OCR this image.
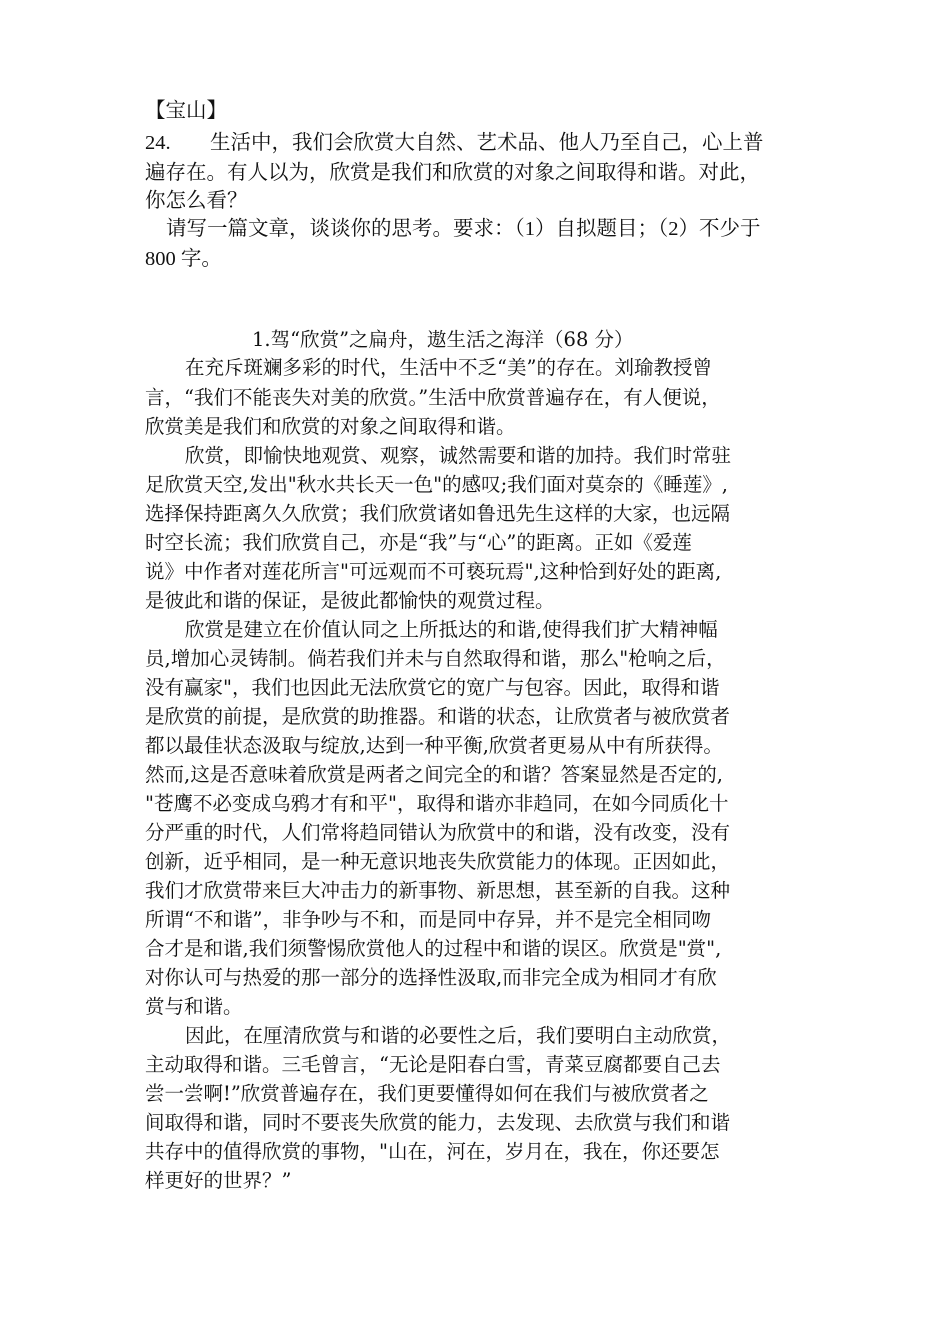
【宝山】
24. 生活中，我们会欣赏大自然、艺术品、他人乃至自己，心上普
遍存在。有人以为，欣赏是我们和欣赏的对象之间取得和谐。对此，
你怎么看？
请写一篇文章，谈谈你的思考。要求：（1）自拟题目；（2）不少于
800 字。
1.驾“欣赏”之扁舟，遨生活之海洋（68 分）
在充斥斑斓多彩的时代，生活中不乏“美”的存在。刘瑜教授曾
言，“我们不能丧失对美的欣赏。”生活中欣赏普遍存在，有人便说，
欣赏美是我们和欣赏的对象之间取得和谐。
欣赏，即愉快地观赏、观察，诚然需要和谐的加持。我们时常驻
足欣赏天空,发出"秋水共长天一色"的感叹;我们面对莫奈的《睡莲》,
选择保持距离久久欣赏；我们欣赏诸如鲁迅先生这样的大家，也远隔
时空长流；我们欣赏自己，亦是“我”与“心”的距离。正如《爱莲
说》中作者对莲花所言"可远观而不可亵玩焉",这种恰到好处的距离,
是彼此和谐的保证，是彼此都愉快的观赏过程。
欣赏是建立在价值认同之上所抵达的和谐,使得我们扩大精神幅
员,增加心灵铸制。倘若我们并未与自然取得和谐，那么"枪响之后，
没有赢家"，我们也因此无法欣赏它的宽广与包容。因此，取得和谐
是欣赏的前提，是欣赏的助推器。和谐的状态，让欣赏者与被欣赏者
都以最佳状态汲取与绽放,达到一种平衡,欣赏者更易从中有所获得。
然而,这是否意味着欣赏是两者之间完全的和谐？答案显然是否定的,
"苍鹰不必变成乌鸦才有和平"，取得和谐亦非趋同，在如今同质化十
分严重的时代，人们常将趋同错认为欣赏中的和谐，没有改变，没有
创新，近乎相同，是一种无意识地丧失欣赏能力的体现。正因如此，
我们才欣赏带来巨大冲击力的新事物、新思想，甚至新的自我。这种
所谓“不和谐”，非争吵与不和，而是同中存异，并不是完全相同吻
合才是和谐,我们须警惕欣赏他人的过程中和谐的误区。欣赏是"赏",
对你认可与热爱的那一部分的选择性汲取,而非完全成为相同才有欣
赏与和谐。
因此，在厘清欣赏与和谐的必要性之后，我们要明白主动欣赏，
主动取得和谐。三毛曾言，“无论是阳春白雪，青菜豆腐都要自己去
尝一尝啊!”欣赏普遍存在，我们更要懂得如何在我们与被欣赏者之
间取得和谐，同时不要丧失欣赏的能力，去发现、去欣赏与我们和谐
共存中的值得欣赏的事物，"山在，河在，岁月在，我在，你还要怎
样更好的世界？”
